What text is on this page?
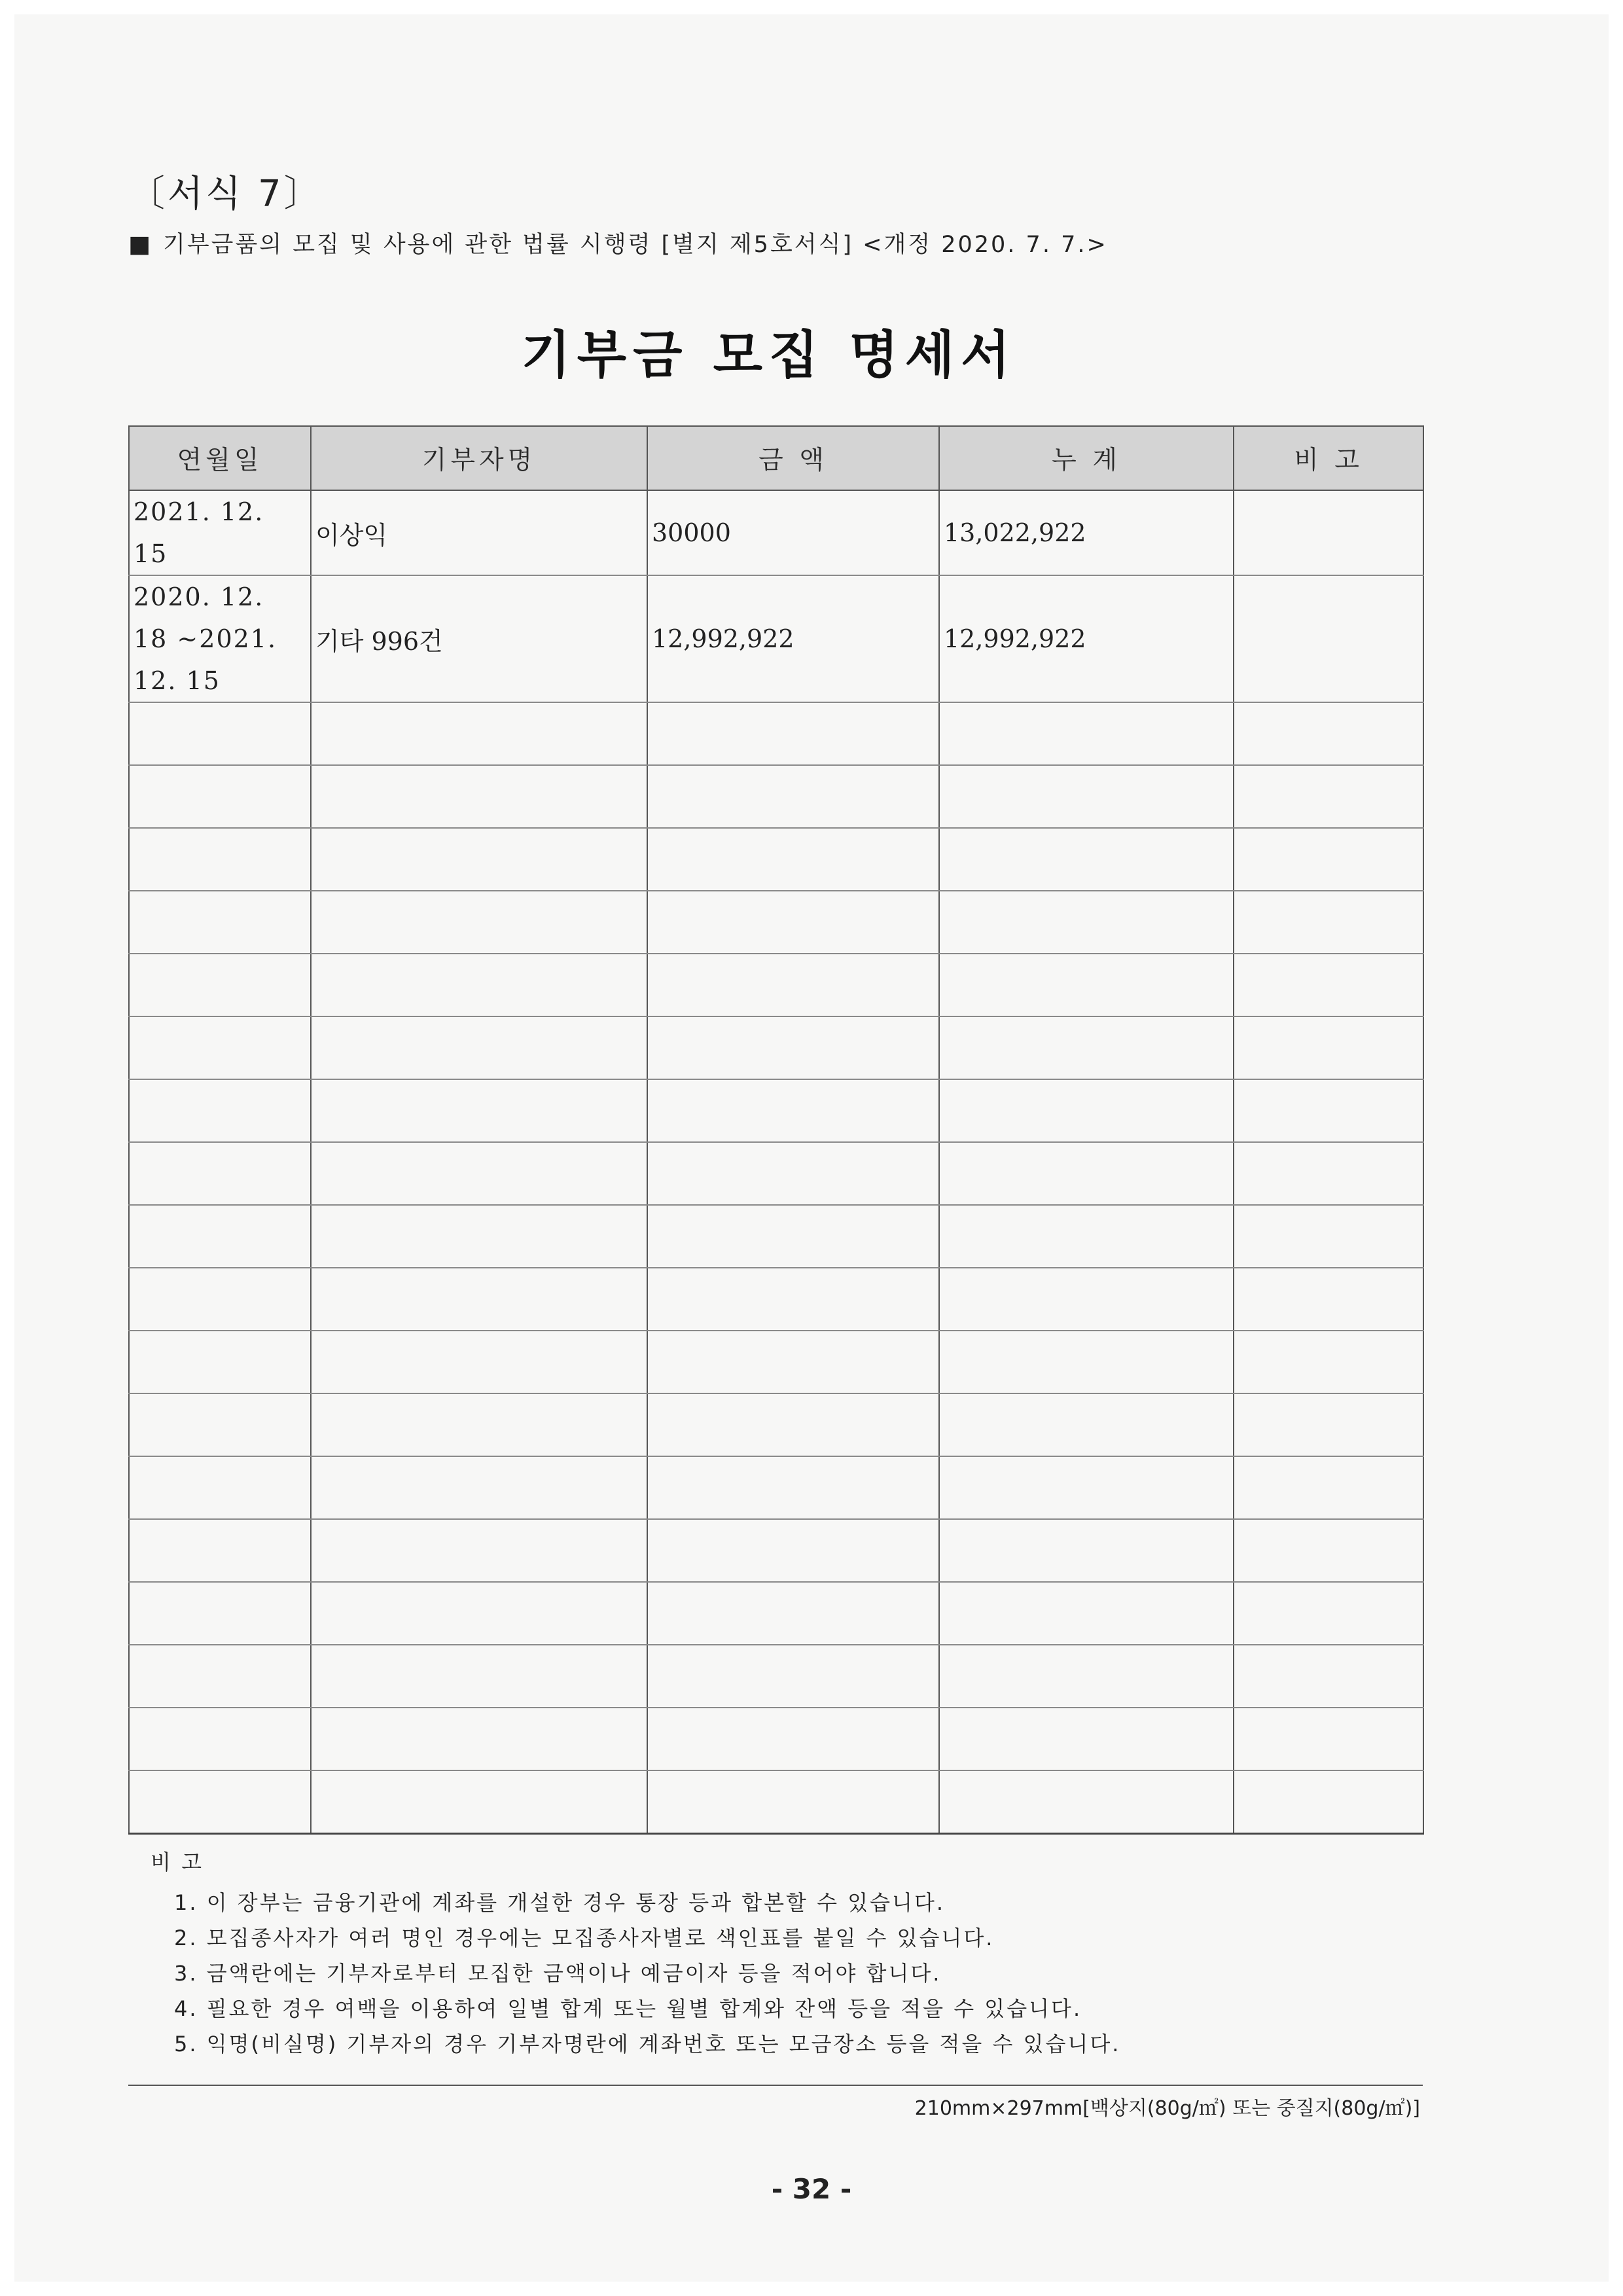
〔서식 7〕
■ 기부금품의 모집 및 사용에 관한 법률 시행령 [별지 제5호서식] <개정 2020. 7. 7.>
기부금 모집 명세서
연월일	기부자명	금 액	누 계	비 고
2021. 12. 15	이상익	30000	13,022,922	
2020. 12. 18 ~2021. 12. 15	기타 996건	12,992,922	12,992,922	

비 고
1. 이 장부는 금융기관에 계좌를 개설한 경우 통장 등과 합본할 수 있습니다.
2. 모집종사자가 여러 명인 경우에는 모집종사자별로 색인표를 붙일 수 있습니다.
3. 금액란에는 기부자로부터 모집한 금액이나 예금이자 등을 적어야 합니다.
4. 필요한 경우 여백을 이용하여 일별 합계 또는 월별 합계와 잔액 등을 적을 수 있습니다.
5. 익명(비실명) 기부자의 경우 기부자명란에 계좌번호 또는 모금장소 등을 적을 수 있습니다.
210mm×297mm[백상지(80g/㎡) 또는 중질지(80g/㎡)]
- 32 -
